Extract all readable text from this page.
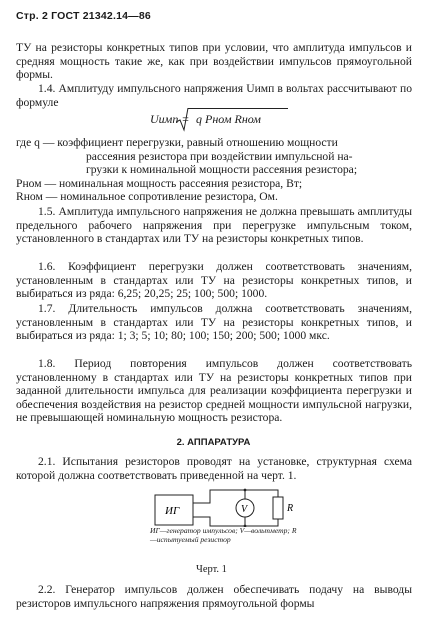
Стр. 2 ГОСТ 21342.14—86

ТУ на резисторы конкретных типов при условии, что амплитуда импульсов и средняя мощность такие же, как при воздействии импульсов прямоугольной формы.

1.4. Амплитуду импульсного напряжения Uимп в вольтах рассчитывают по формуле

Uимп = q Pном Rном
где q — коэффициент перегрузки, равный отношению мощности
рассеяния резистора при воздействии импульсной на-
грузки к номинальной мощности рассеяния резистора;
Pном — номинальная мощность рассеяния резистора, Вт;
Rном — номинальное сопротивление резистора, Ом.

1.5. Амплитуда импульсного напряжения не должна превышать амплитуды предельного рабочего напряжения при перегрузке импульсным током, установленного в стандартах или ТУ на резисторы конкретных типов.

1.6. Коэффициент перегрузки должен соответствовать значениям, установленным в стандартах или ТУ на резисторы конкретных типов, и выбираться из ряда: 6,25; 20,25; 25; 100; 500; 1000.

1.7. Длительность импульсов должна соответствовать значениям, установленным в стандартах или ТУ на резисторы конкретных типов, и выбираться из ряда: 1; 3; 5; 10; 80; 100; 150; 200; 500; 1000 мкс.

1.8. Период повторения импульсов должен соответствовать установленному в стандартах или ТУ на резисторы конкретных типов при заданной длительности импульса для реализации коэффициента перегрузки и обеспечения воздействия на резистор средней мощности импульсной нагрузки, не превышающей номинальную мощность резистора.

2. АППАРАТУРА

2.1. Испытания резисторов проводят на установке, структурная схема которой должна соответствовать приведенной на черт. 1.

ИГ	V	R
ИГ—генератор импульсов; V—вольтметр; R—испытуемый резистор
Черт. 1

2.2. Генератор импульсов должен обеспечивать подачу на выводы резисторов импульсного напряжения прямоугольной формы
